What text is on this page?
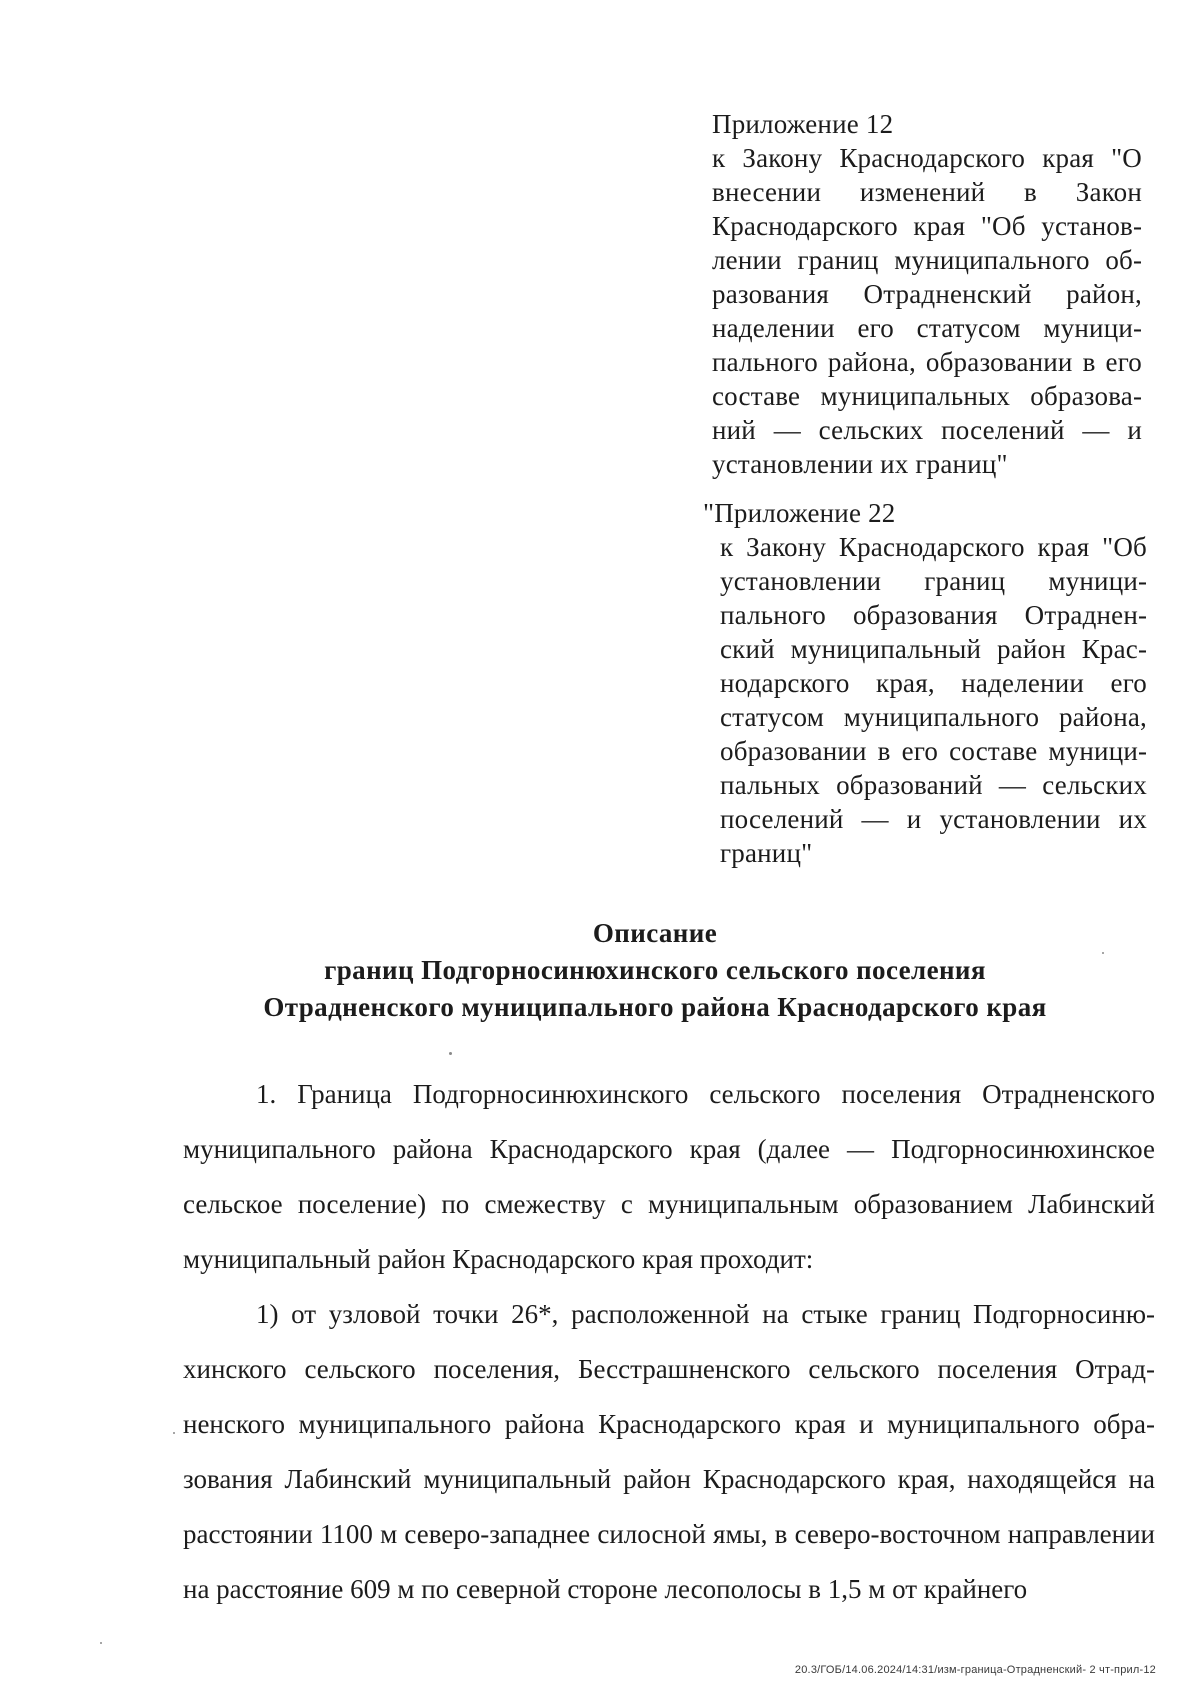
Приложение 12
к Закону Краснодарского края "О внесении изменений в Закон Краснодарского края "Об установлении границ муниципального образования Отрадненский район, наделении его статусом муниципального района, образовании в его составе муниципальных образований — сельских поселений — и установлении их границ"
"Приложение 22
к Закону Краснодарского края "Об установлении границ муниципального образования Отрадненский муниципальный район Краснодарского края, наделении его статусом муниципального района, образовании в его составе муниципальных образований — сельских поселений — и установлении их границ"
Описание
границ Подгорносинюхинского сельского поселения
Отрадненского муниципального района Краснодарского края

1. Граница Подгорносинюхинского сельского поселения Отрадненского муниципального района Краснодарского края (далее — Подгорносинюхинское сельское поселение) по смежеству с муниципальным образованием Лабинский муниципальный район Краснодарского края проходит:

1) от узловой точки 26*, расположенной на стыке границ Подгорносинюхинского сельского поселения, Бесстрашненского сельского поселения Отрадненского муниципального района Краснодарского края и муниципального образования Лабинский муниципальный район Краснодарского края, находящейся на расстоянии 1100 м северо-западнее силосной ямы, в северо-восточном направлении на расстояние 609 м по северной стороне лесополосы в 1,5 м от крайнего

20.3/ГОБ/14.06.2024/14:31/изм-граница-Отрадненский- 2 чт-прил-12
